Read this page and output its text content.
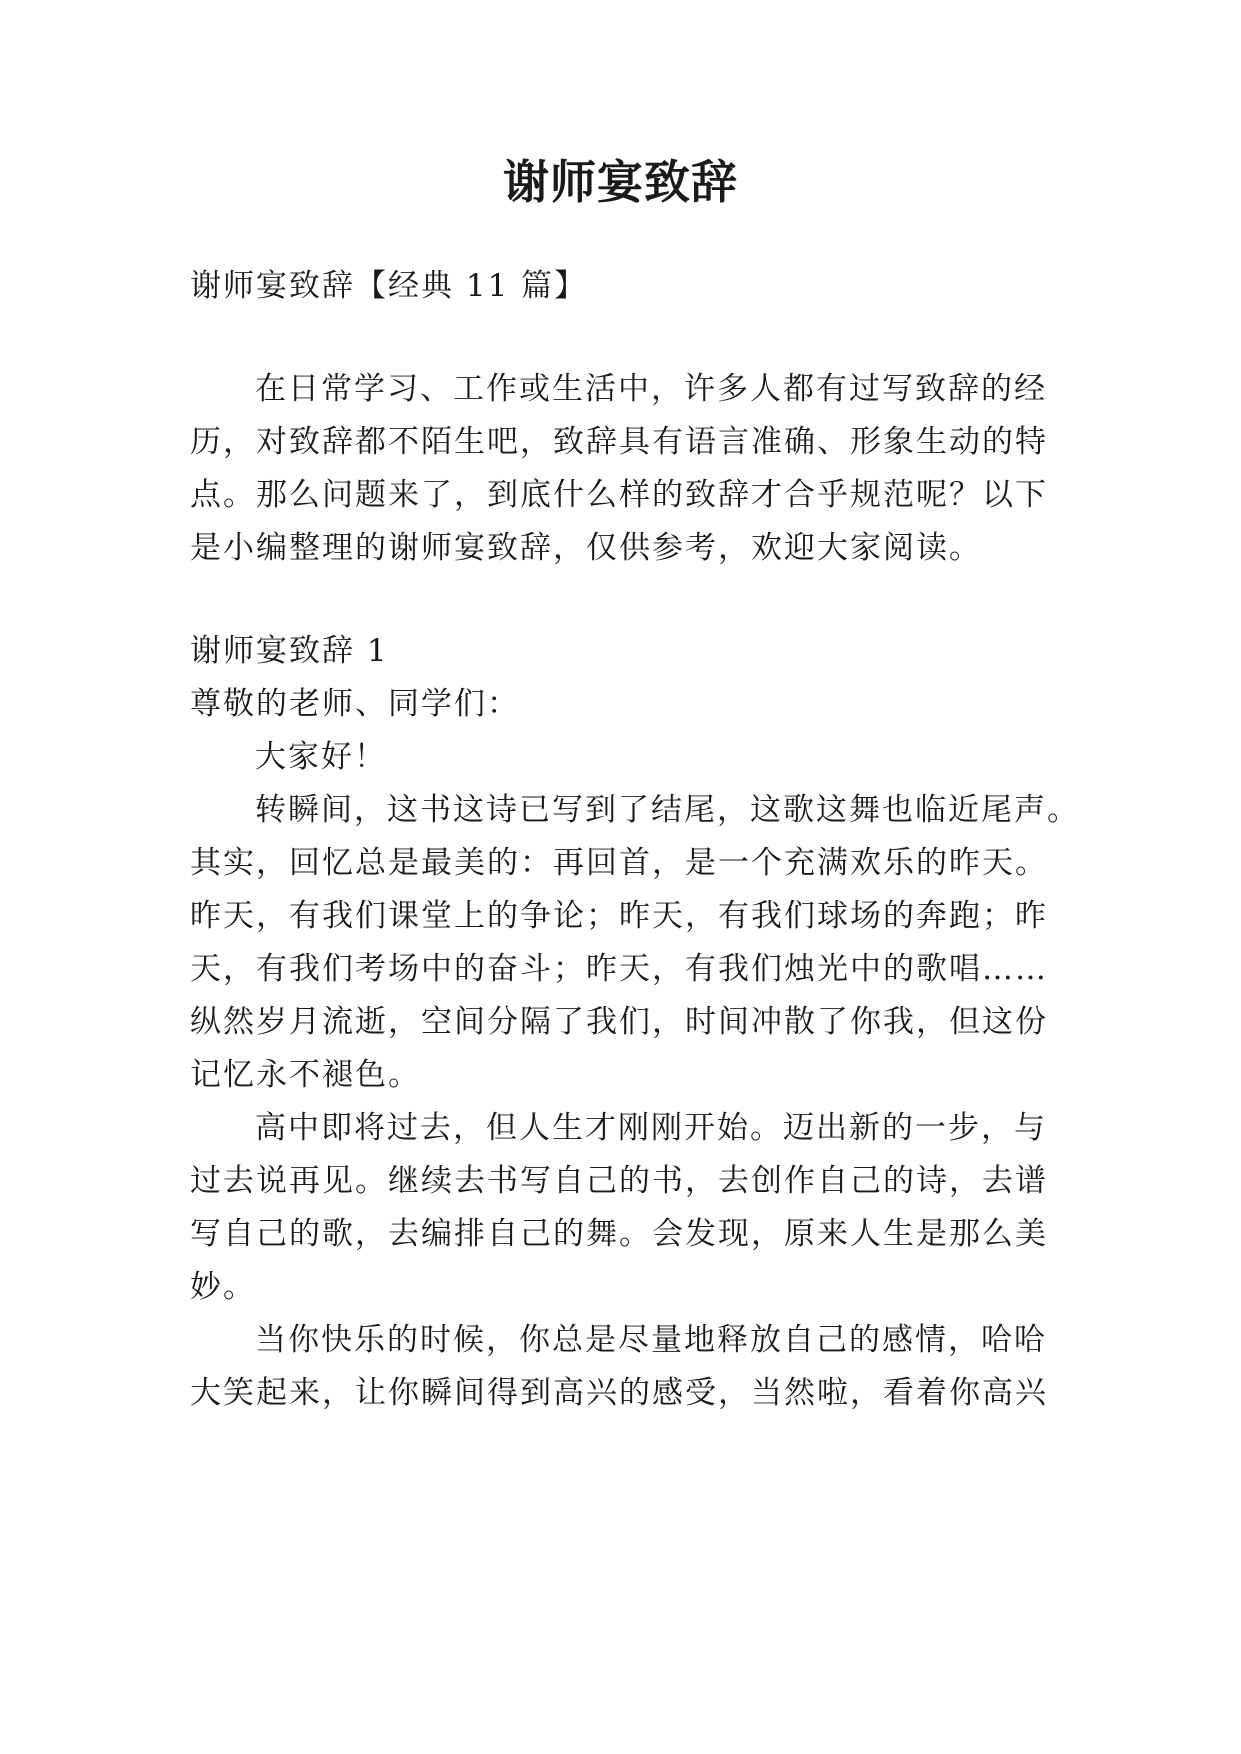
谢师宴致辞
谢师宴致辞【经典 11 篇】
在日常学习、工作或生活中，许多人都有过写致辞的经
历，对致辞都不陌生吧，致辞具有语言准确、形象生动的特
点。那么问题来了，到底什么样的致辞才合乎规范呢？以下
是小编整理的谢师宴致辞，仅供参考，欢迎大家阅读。
谢师宴致辞 1
尊敬的老师、同学们：
大家好！
转瞬间，这书这诗已写到了结尾，这歌这舞也临近尾声。
其实，回忆总是最美的：再回首，是一个充满欢乐的昨天。
昨天，有我们课堂上的争论；昨天，有我们球场的奔跑；昨
天，有我们考场中的奋斗；昨天，有我们烛光中的歌唱……
纵然岁月流逝，空间分隔了我们，时间冲散了你我，但这份
记忆永不褪色。
高中即将过去，但人生才刚刚开始。迈出新的一步，与
过去说再见。继续去书写自己的书，去创作自己的诗，去谱
写自己的歌，去编排自己的舞。会发现，原来人生是那么美
妙。
当你快乐的时候，你总是尽量地释放自己的感情，哈哈
大笑起来，让你瞬间得到高兴的感受，当然啦，看着你高兴
